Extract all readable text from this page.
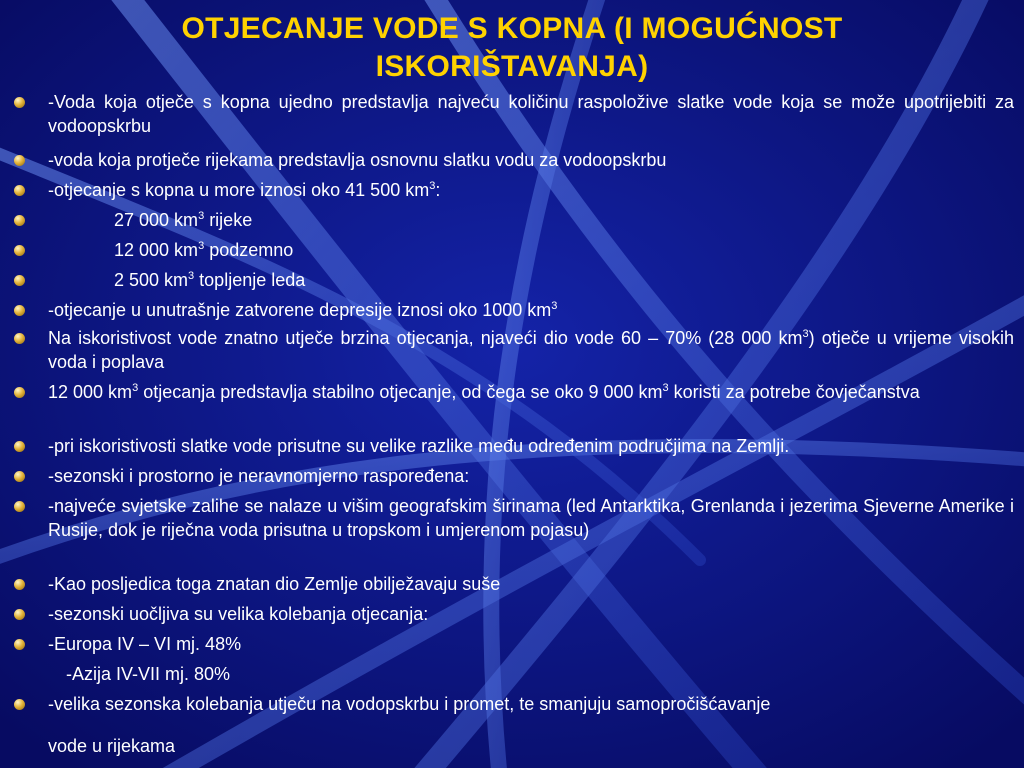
OTJECANJE VODE S KOPNA (I MOGUĆNOST
ISKORIŠTAVANJA)
-Voda koja otječe s kopna ujedno predstavlja najveću količinu raspoložive slatke vode koja se može upotrijebiti za vodoopskrbu
-voda koja protječe rijekama predstavlja osnovnu slatku vodu za vodoopskrbu
-otjecanje s kopna u more iznosi oko 41 500 $km^3$:
27 000 $km^3$ rijeke
12 000 $km^3$ podzemno
2 500 $km^3$ topljenje leda
-otjecanje u unutrašnje zatvorene depresije iznosi oko 1000 $km^3$
Na iskoristivost vode znatno utječe brzina otjecanja, njaveći dio vode 60 – 70% (28 000 $km^3$) otječe u vrijeme visokih voda i poplava
12 000 $km^3$ otjecanja predstavlja stabilno otjecanje, od čega se oko 9 000 $km^3$ koristi za potrebe čovječanstva
-pri iskoristivosti slatke vode prisutne su velike razlike među određenim područjima na Zemlji.
-sezonski i prostorno je neravnomjerno raspoređena:
-najveće svjetske zalihe se nalaze u višim geografskim širinama (led Antarktika, Grenlanda i jezerima Sjeverne Amerike i Rusije, dok je riječna voda prisutna u tropskom i umjerenom pojasu)
-Kao posljedica toga znatan dio Zemlje obilježavaju suše
-sezonski uočljiva su velika kolebanja otjecanja:
-Europa IV – VI mj. 48%
-Azija IV-VII mj. 80%
-velika sezonska kolebanja utječu na vodopskrbu i promet, te smanjuju samopročišćavanje
vode u rijekama
